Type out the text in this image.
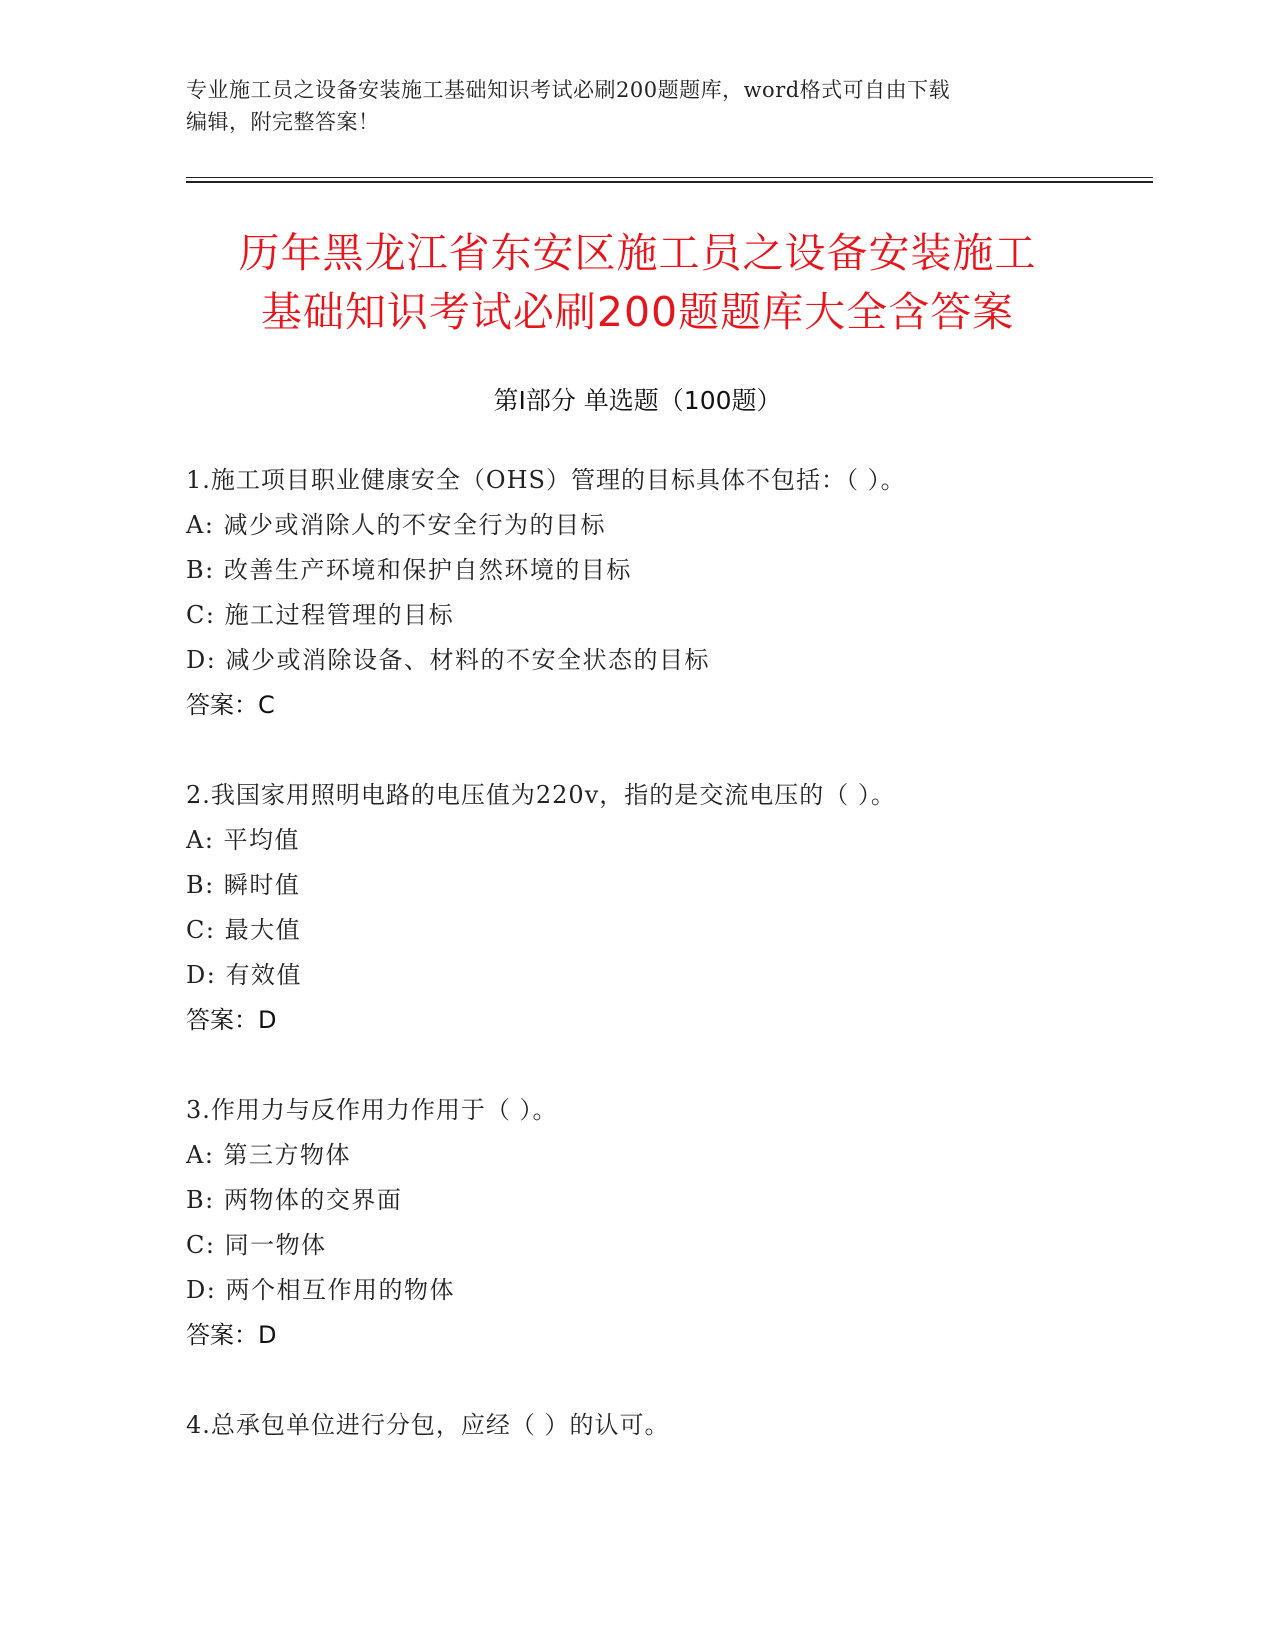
专业施工员之设备安装施工基础知识考试必刷200题题库，word格式可自由下载
编辑，附完整答案！
历年黑龙江省东安区施工员之设备安装施工
基础知识考试必刷200题题库大全含答案
第Ⅰ部分 单选题（100题）
1.施工项目职业健康安全（OHS）管理的目标具体不包括：（ ）。
A: 减少或消除人的不安全行为的目标
B: 改善生产环境和保护自然环境的目标
C: 施工过程管理的目标
D: 减少或消除设备、材料的不安全状态的目标
答案：C
2.我国家用照明电路的电压值为220v，指的是交流电压的（ ）。
A: 平均值
B: 瞬时值
C: 最大值
D: 有效值
答案：D
3.作用力与反作用力作用于（ ）。
A: 第三方物体
B: 两物体的交界面
C: 同一物体
D: 两个相互作用的物体
答案：D
4.总承包单位进行分包，应经（ ）的认可。
